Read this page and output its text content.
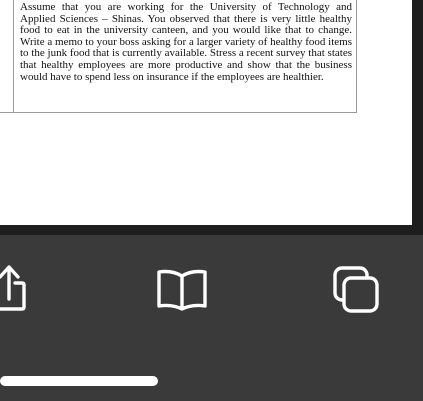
Assume that you are working for the University of Technology and Applied Sciences – Shinas. You observed that there is very little healthy food to eat in the university canteen, and you would like that to change. Write a memo to your boss asking for a larger variety of healthy food items to the junk food that is currently available. Stress a recent survey that states that healthy employees are more productive and show that the business would have to spend less on insurance if the employees are healthier.
